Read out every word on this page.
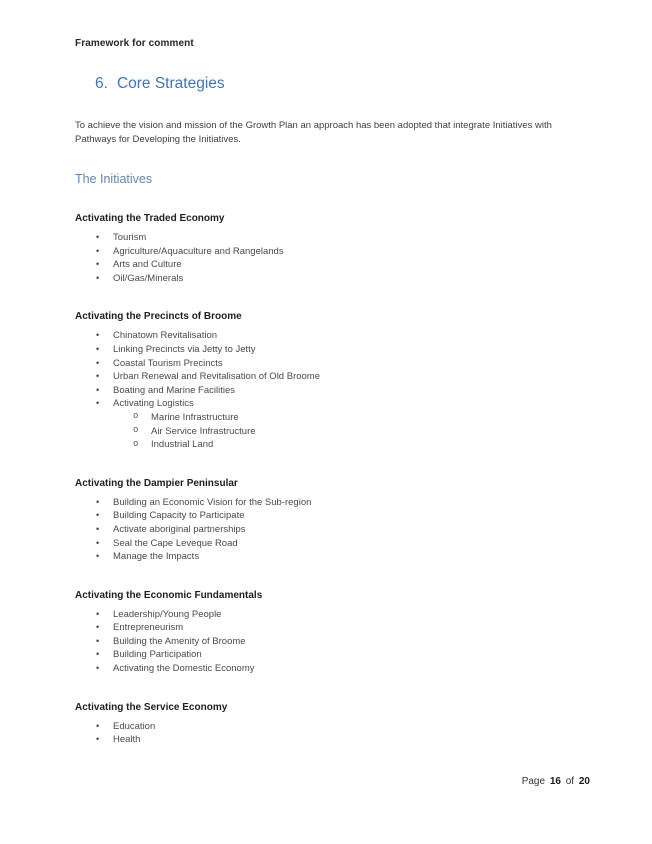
Framework for comment
6. Core Strategies

To achieve the vision and mission of the Growth Plan an approach has been adopted that integrate Initiatives with Pathways for Developing the Initiatives.

The Initiatives
Activating the Traded Economy
• Tourism
• Agriculture/Aquaculture and Rangelands
• Arts and Culture
• Oil/Gas/Minerals
Activating the Precincts of Broome
• Chinatown Revitalisation
• Linking Precincts via Jetty to Jetty
• Coastal Tourism Precincts
• Urban Renewal and Revitalisation of Old Broome
• Boating and Marine Facilities
• Activating Logistics
o Marine Infrastructure
o Air Service Infrastructure
o Industrial Land
Activating the Dampier Peninsular
• Building an Economic Vision for the Sub-region
• Building Capacity to Participate
• Activate aboriginal partnerships
• Seal the Cape Leveque Road
• Manage the Impacts
Activating the Economic Fundamentals
• Leadership/Young People
• Entrepreneurism
• Building the Amenity of Broome
• Building Participation
• Activating the Domestic Economy
Activating the Service Economy
• Education
• Health
Page 16 of 20
